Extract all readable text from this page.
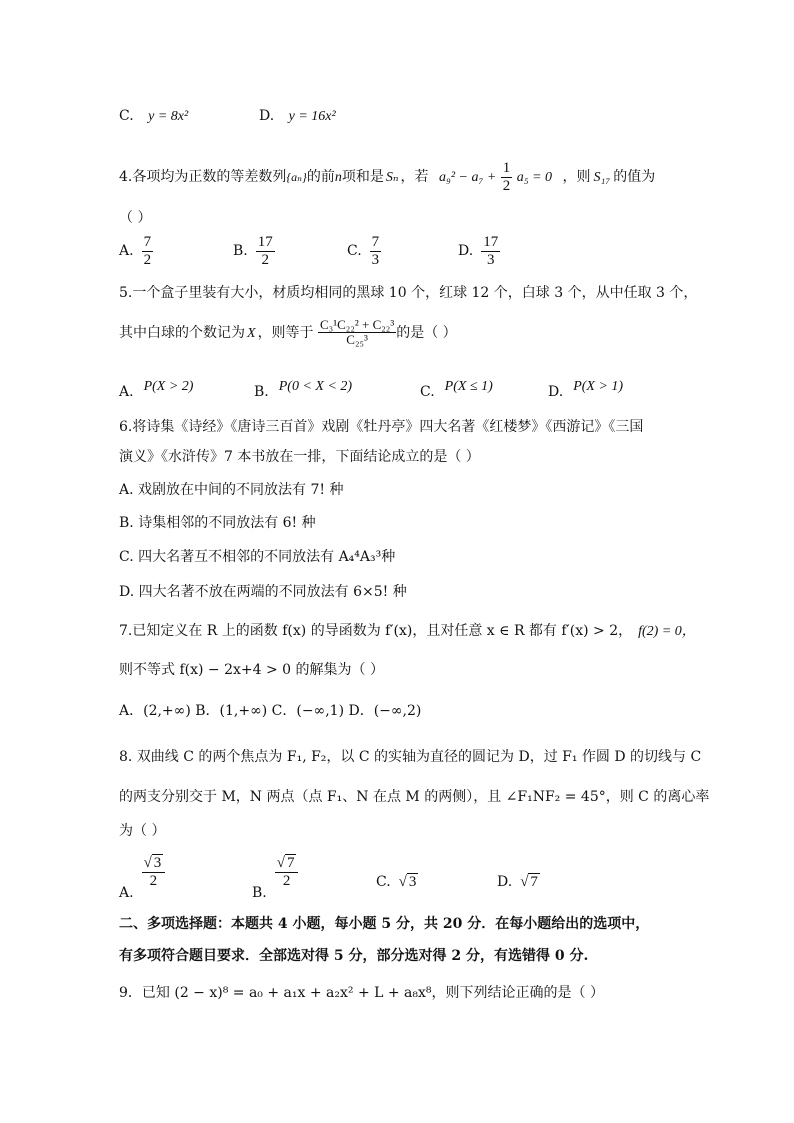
C. y = 8x²	D. y = 16x²
4.各项均为正数的等差数列{aₙ}的前n项和是 Sₙ ，若 $a_9^2 - a_7 + \frac{1}{2} a_5 = 0$ ，则 S₁₇ 的值为
（ ）
A. $\frac{7}{2}$	B. $\frac{17}{2}$	C. $\frac{7}{3}$	D. $\frac{17}{3}$
5.一个盒子里装有大小，材质均相同的黑球 10 个，红球 12 个，白球 3 个，从中任取 3 个，
其中白球的个数记为 X ，则等于 $\frac{\text{C₃¹C₂₂² + C₂₂³}}{\text{C₂₅³}}$ 的是（ ）
A. P(X > 2)	B. P(0 < X < 2)	C. P(X ≤ 1)	D. P(X > 1)
6.将诗集《诗经》《唐诗三百首》戏剧《牡丹亭》四大名著《红楼梦》《西游记》《三国
演义》《水浒传》7 本书放在一排，下面结论成立的是（ ）
A. 戏剧放在中间的不同放法有 7! 种
B. 诗集相邻的不同放法有 6! 种
C. 四大名著互不相邻的不同放法有 A₄⁴A₃³种
D. 四大名著不放在两端的不同放法有 6×5! 种
7.已知定义在 R 上的函数 f(x) 的导函数为 f′(x)，且对任意 x ∈ R 都有 f′(x) > 2， f(2) = 0，
则不等式 f(x) − 2x+4 > 0 的解集为（ ）
A．(2,+∞) B．(1,+∞) C．(−∞,1) D．(−∞,2)
8. 双曲线 C 的两个焦点为 F₁, F₂，以 C 的实轴为直径的圆记为 D，过 F₁ 作圆 D 的切线与 C
的两支分别交于 M，N 两点（点 F₁、N 在点 M 的两侧），且 ∠F₁NF₂ = 45°，则 C 的离心率
为（ ）
A.
$\frac{√ 3}{2}$
B.
$\frac{√ 7}{2}$	C. √ 3	D. √ 7
二、多项选择题：本题共 4 小题，每小题 5 分，共 20 分．在每小题给出的选项中，
有多项符合题目要求．全部选对得 5 分，部分选对得 2 分，有选错得 0 分.
9．已知 (2 − x)⁸ = a₀ + a₁x + a₂x² + L + a₈x⁸，则下列结论正确的是（ ）
